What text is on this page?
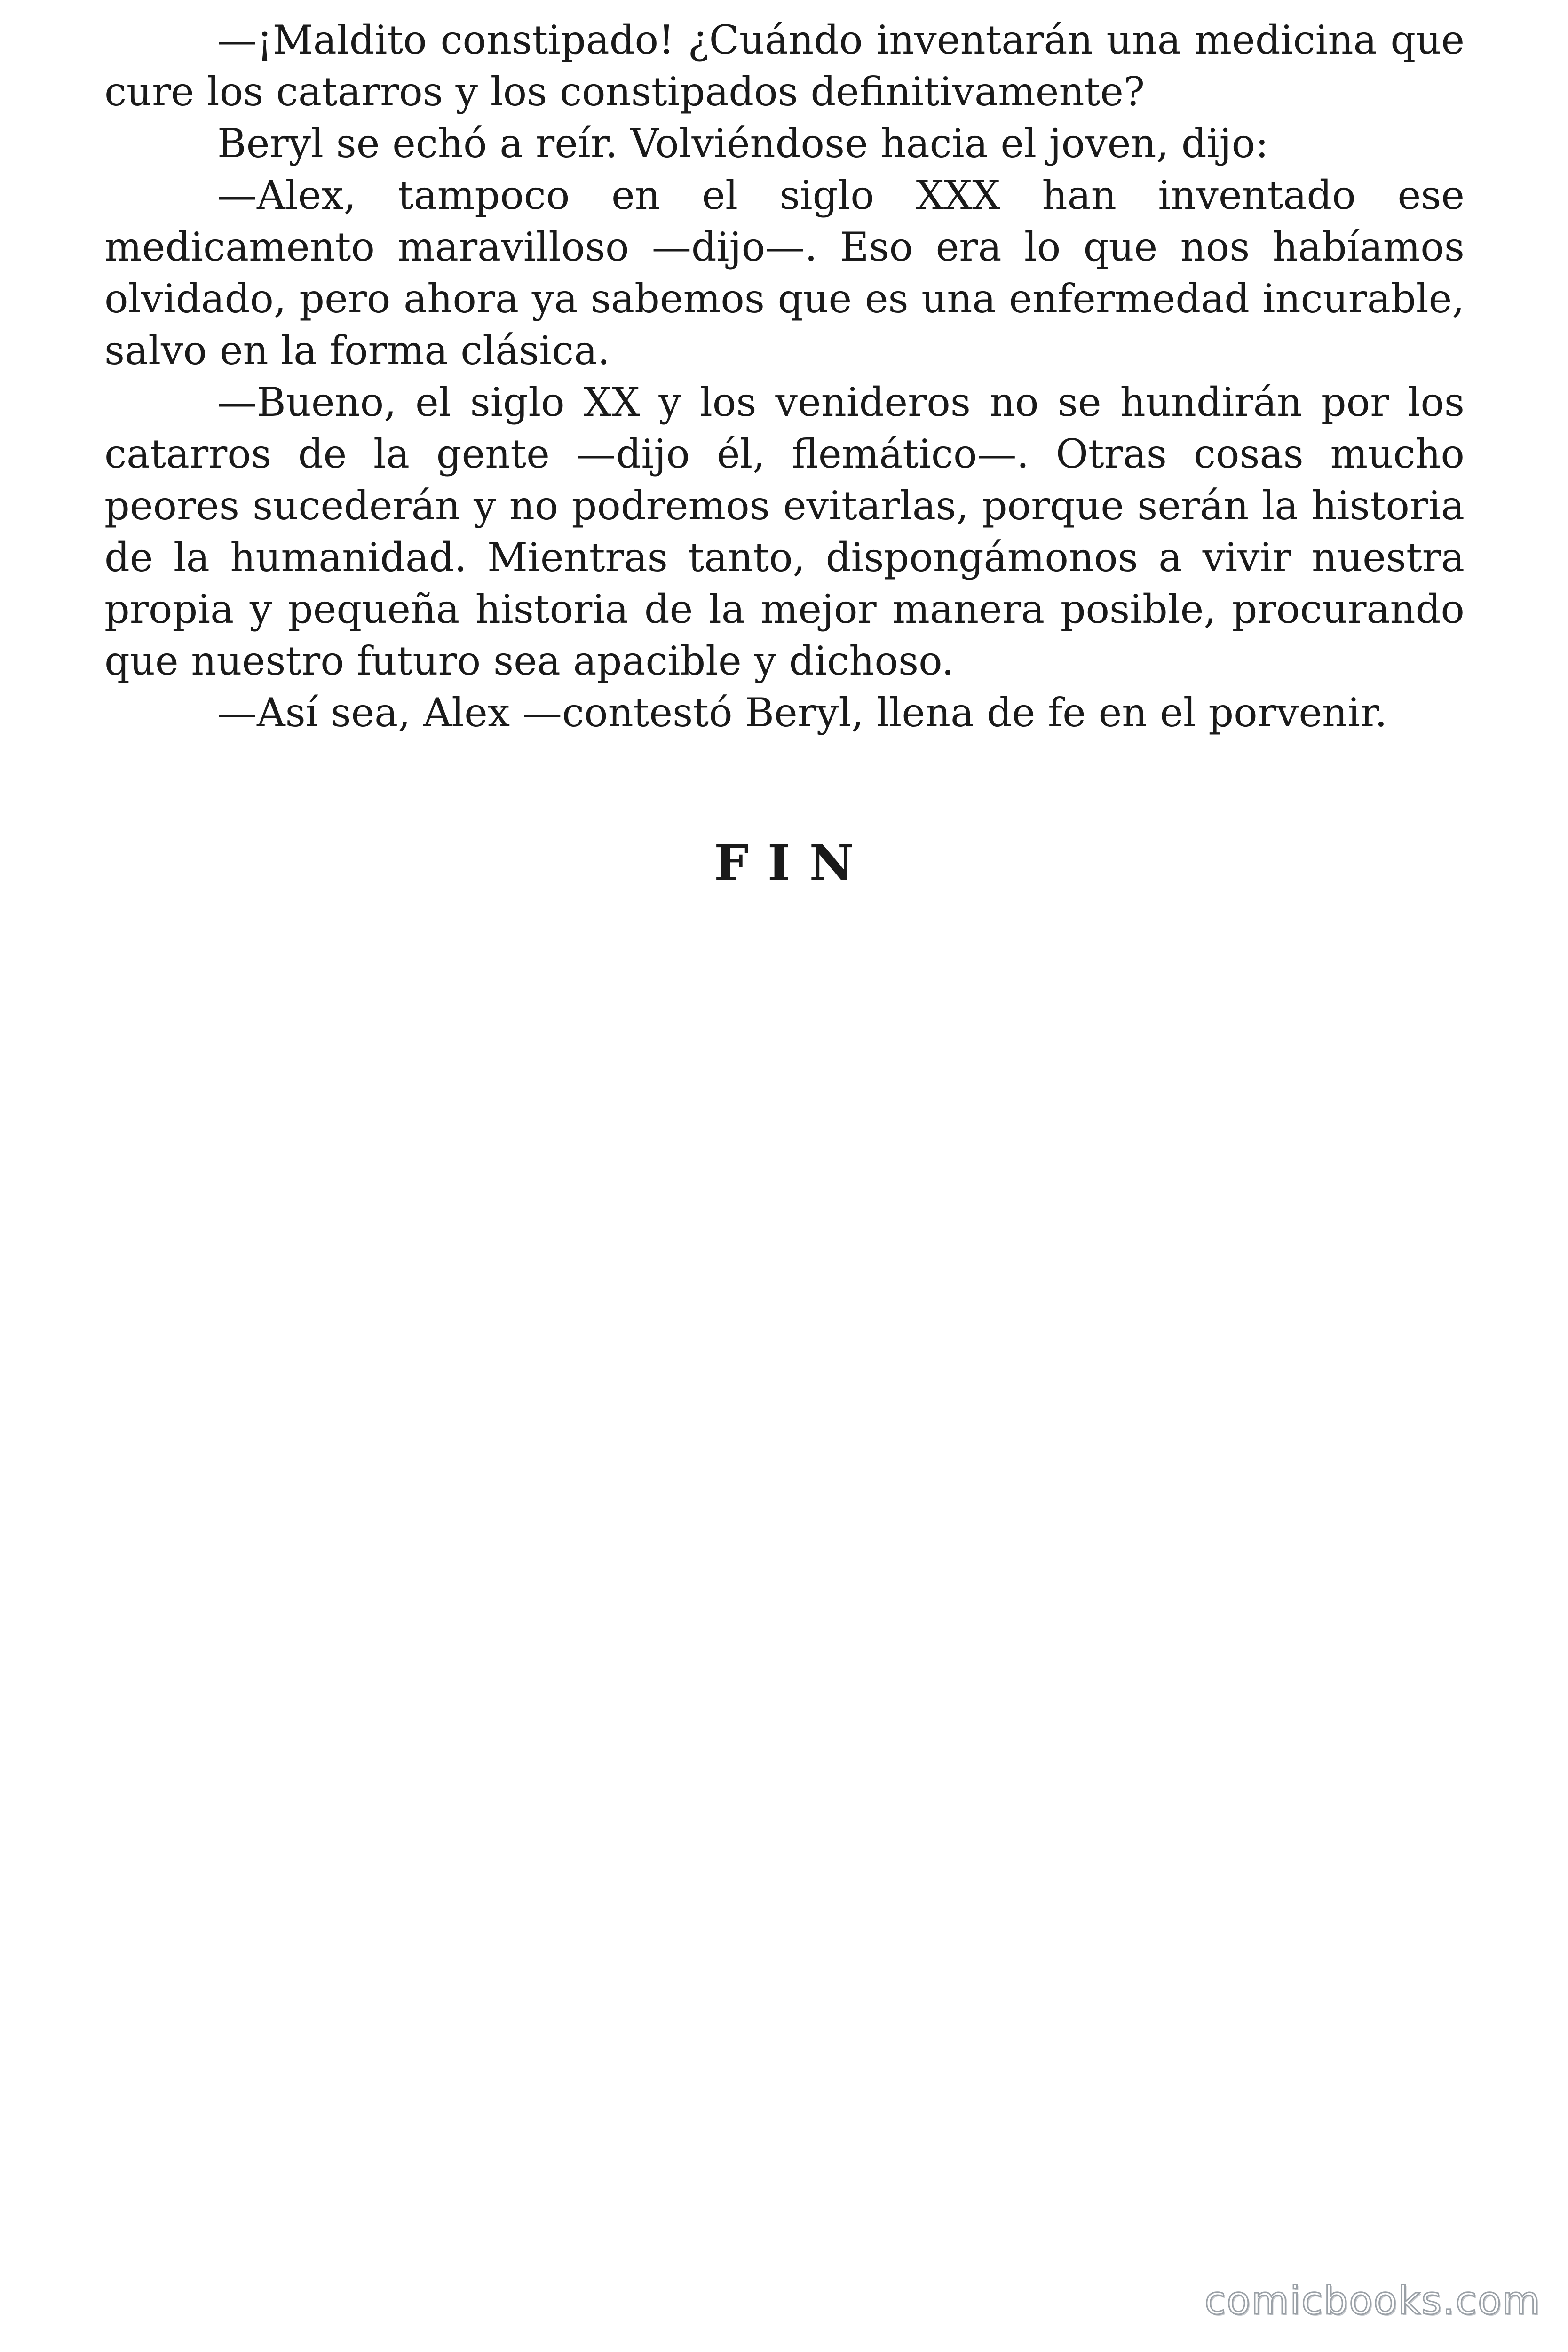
—¡Maldito constipado! ¿Cuándo inventarán una medicina que cure los catarros y los constipados definitivamente?

Beryl se echó a reír. Volviéndose hacia el joven, dijo:

—Alex, tampoco en el siglo XXX han inventado ese medicamento maravilloso —dijo—. Eso era lo que nos habíamos olvidado, pero ahora ya sabemos que es una enfermedad incurable, salvo en la forma clásica.

—Bueno, el siglo XX y los venideros no se hundirán por los catarros de la gente —dijo él, flemático—. Otras cosas mucho peores sucederán y no podremos evitarlas, porque serán la historia de la humanidad. Mientras tanto, dispongámonos a vivir nuestra propia y pequeña historia de la mejor manera posible, procurando que nuestro futuro sea apacible y dichoso.

—Así sea, Alex —contestó Beryl, llena de fe en el porvenir.

FIN

comicbooks.com
